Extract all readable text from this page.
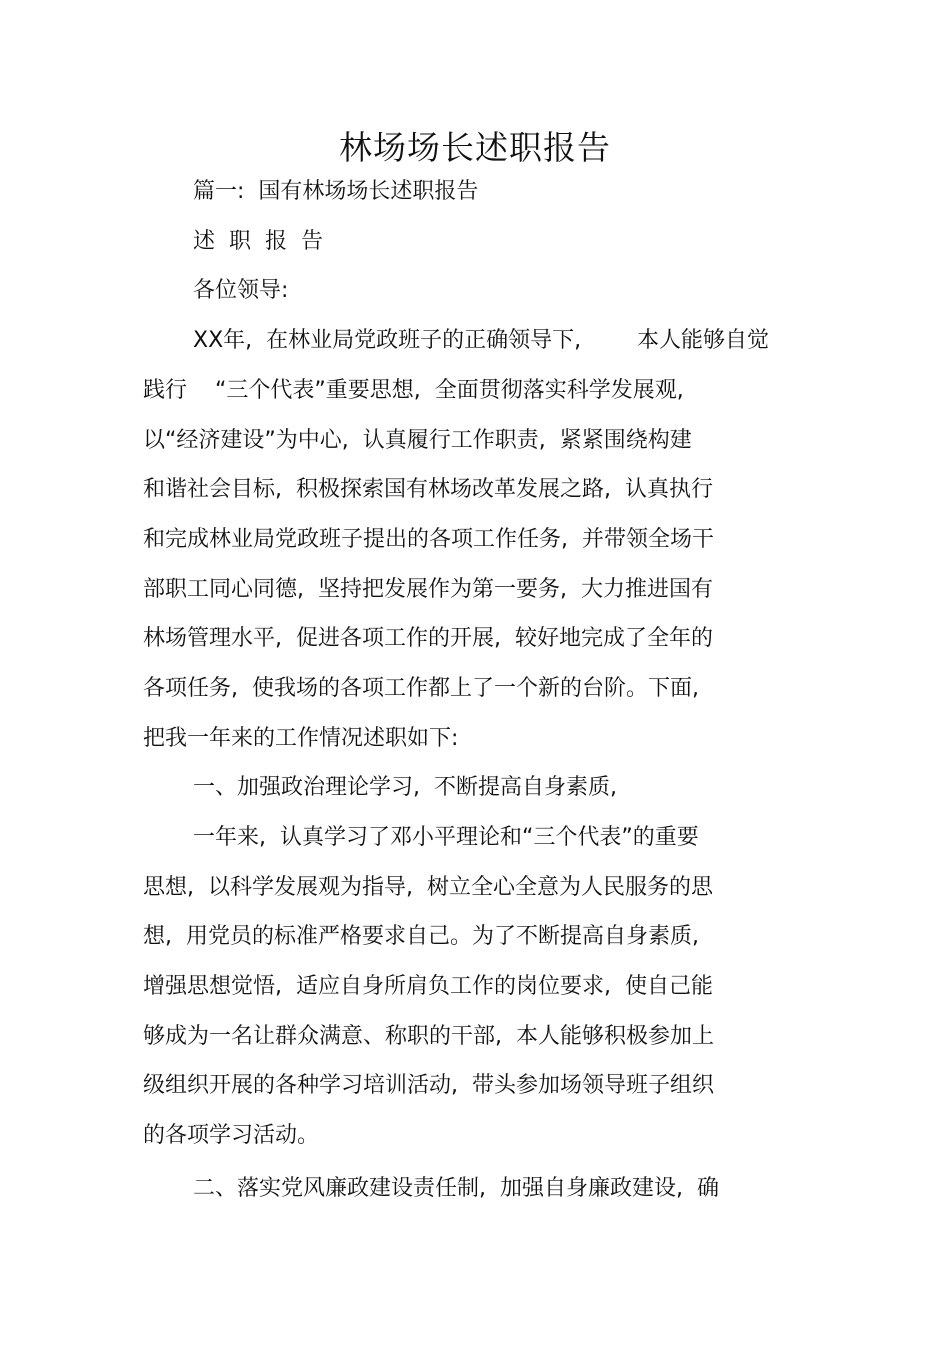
林场场长述职报告
篇一:  国有林场场长述职报告
述  职  报  告
各位领导:
XX年,  在林业局党政班子的正确领导下,        本人能够自觉
践行    “三个代表”重要思想,  全面贯彻落实科学发展观,
以“经济建设”为中心,  认真履行工作职责,  紧紧围绕构建
和谐社会目标,  积极探索国有林场改革发展之路,  认真执行
和完成林业局党政班子提出的各项工作任务,  并带领全场干
部职工同心同德,  坚持把发展作为第一要务,  大力推进国有
林场管理水平,  促进各项工作的开展,  较好地完成了全年的
各项任务,  使我场的各项工作都上了一个新的台阶。下面,
把我一年来的工作情况述职如下:
一、加强政治理论学习,  不断提高自身素质,
一年来,  认真学习了邓小平理论和“三个代表”的重要
思想,  以科学发展观为指导,  树立全心全意为人民服务的思
想,  用党员的标准严格要求自己。为了不断提高自身素质,
增强思想觉悟,  适应自身所肩负工作的岗位要求,  使自己能
够成为一名让群众满意、称职的干部,  本人能够积极参加上
级组织开展的各种学习培训活动,  带头参加场领导班子组织
的各项学习活动。
二、落实党风廉政建设责任制,  加强自身廉政建设,  确
